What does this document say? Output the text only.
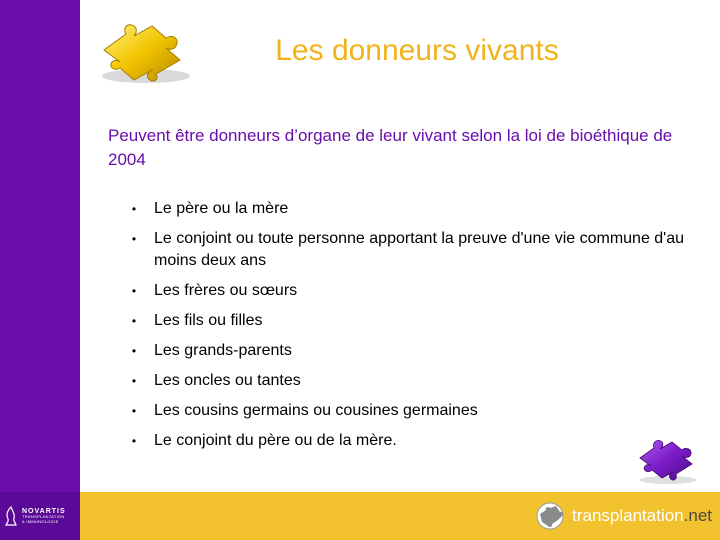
NOVARTIS
TRANSPLANTATION
& IMMUNOLOGIE
Les donneurs vivants

Peuvent être donneurs d’organe de leur vivant selon la loi de bioéthique de 2004

• Le père ou la mère
• Le conjoint ou toute personne apportant la preuve d'une vie commune d'au moins deux ans
• Les frères ou sœurs
• Les fils ou filles
• Les grands-parents
• Les oncles ou tantes
• Les cousins germains ou cousines germaines
• Le conjoint du père ou de la mère.
transplantation.net
